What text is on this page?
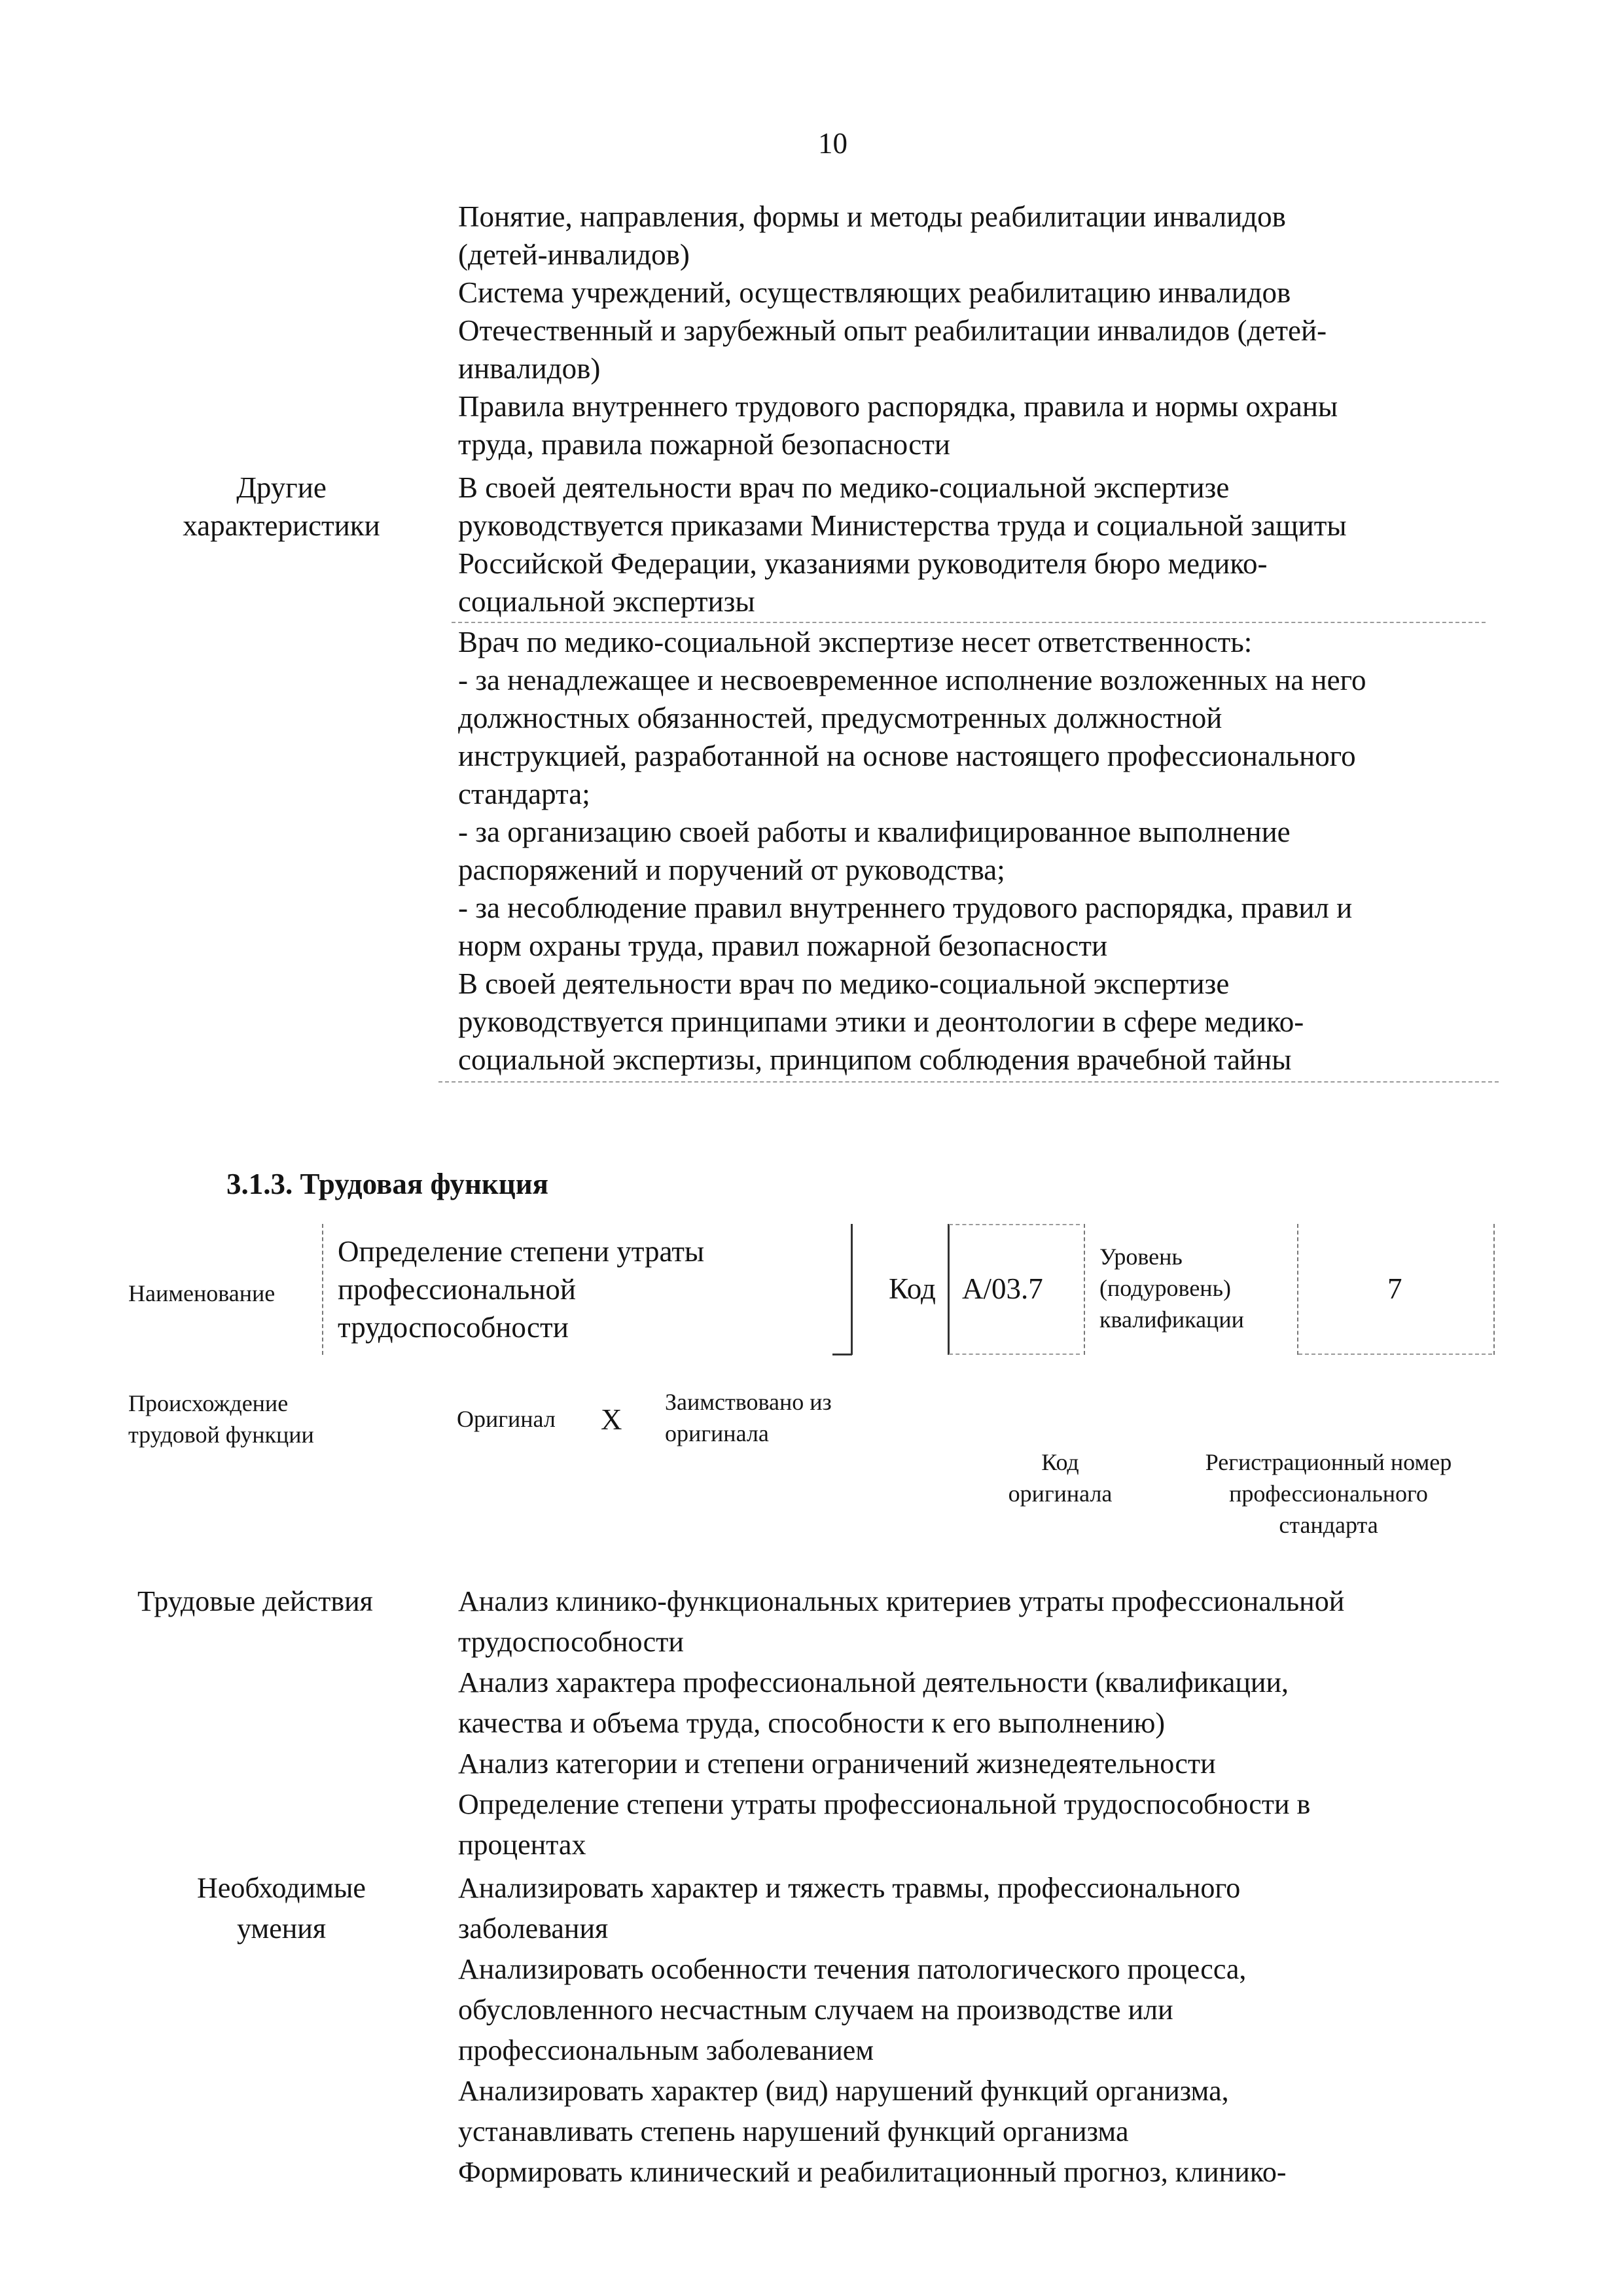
10
Понятие, направления, формы и методы реабилитации инвалидов
(детей-инвалидов)
Система учреждений, осуществляющих реабилитацию инвалидов
Отечественный и зарубежный опыт реабилитации инвалидов (детей-
инвалидов)
Правила внутреннего трудового распорядка, правила и нормы охраны
труда, правила пожарной безопасности
Другие
характеристики
В своей деятельности врач по медико-социальной экспертизе
руководствуется приказами Министерства труда и социальной защиты
Российской Федерации, указаниями руководителя бюро медико-
социальной экспертизы
Врач по медико-социальной экспертизе несет ответственность:
- за ненадлежащее и несвоевременное исполнение возложенных на него
должностных обязанностей, предусмотренных должностной
инструкцией, разработанной на основе настоящего профессионального
стандарта;
- за организацию своей работы и квалифицированное выполнение
распоряжений и поручений от руководства;
- за несоблюдение правил внутреннего трудового распорядка, правил и
норм охраны труда, правил пожарной безопасности
В своей деятельности врач по медико-социальной экспертизе
руководствуется принципами этики и деонтологии в сфере медико-
социальной экспертизы, принципом соблюдения врачебной тайны
3.1.3. Трудовая функция
Наименование
Определение степени утраты
профессиональной
трудоспособности
Код A/03.7
Уровень
(подуровень)
квалификации
7
Происхождение
трудовой функции
Оригинал X
Заимствовано из
оригинала
Код
оригинала
Регистрационный номер
профессионального
стандарта
Трудовые действия	Анализ клинико-функциональных критериев утраты профессиональной
трудоспособности
Анализ характера профессиональной деятельности (квалификации,
качества и объема труда, способности к его выполнению)
Анализ категории и степени ограничений жизнедеятельности
Определение степени утраты профессиональной трудоспособности в
процентах
Необходимые
умения
Анализировать характер и тяжесть травмы, профессионального
заболевания
Анализировать особенности течения патологического процесса,
обусловленного несчастным случаем на производстве или
профессиональным заболеванием
Анализировать характер (вид) нарушений функций организма,
устанавливать степень нарушений функций организма
Формировать клинический и реабилитационный прогноз, клинико-
